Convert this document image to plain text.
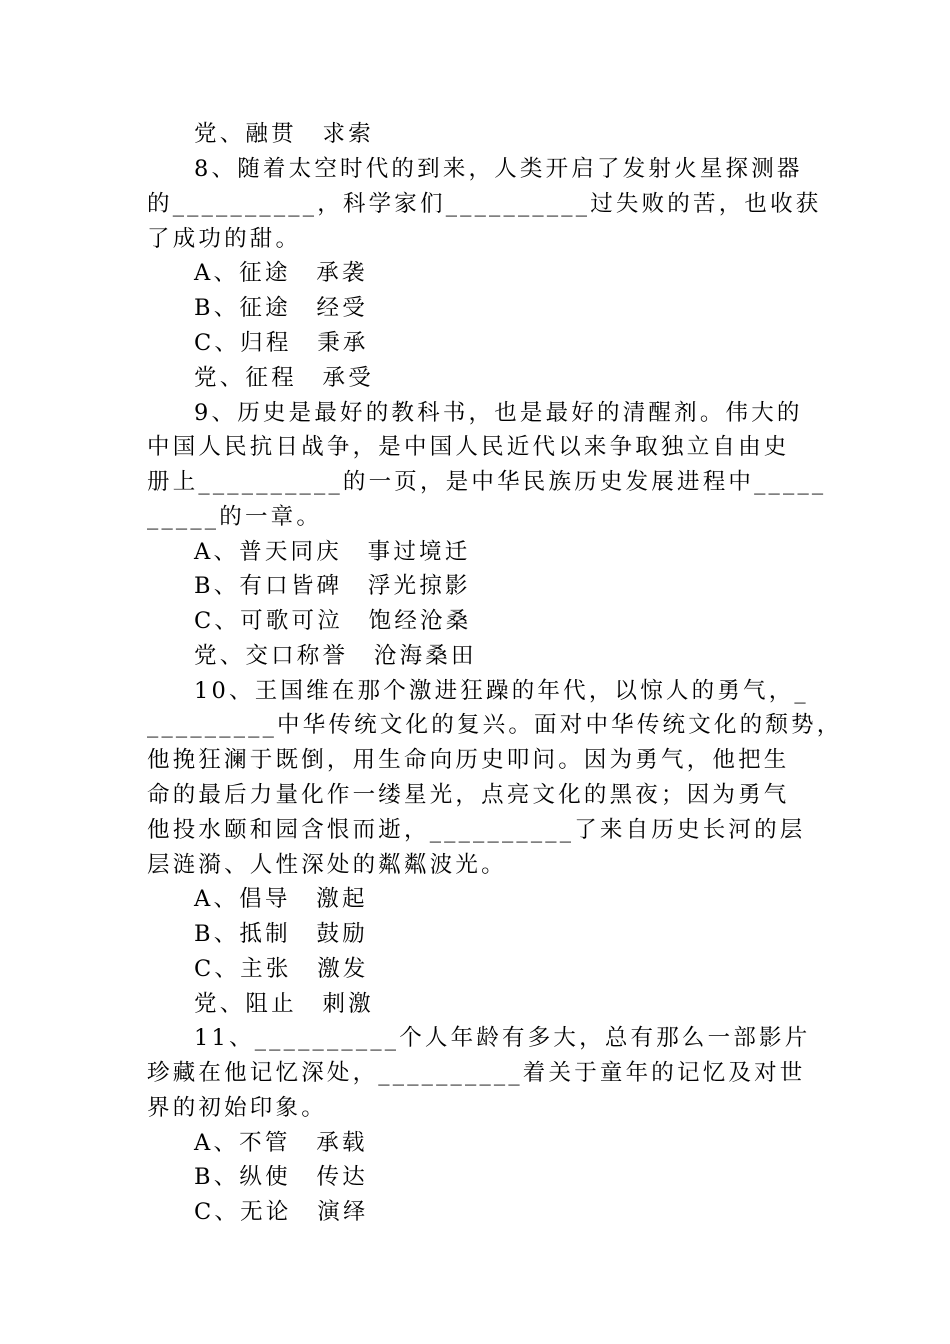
党、融贯　求索
8、随着太空时代的到来，人类开启了发射火星探测器
的__________，科学家们__________过失败的苦，也收获
了成功的甜。
A、征途　承袭
B、征途　经受
C、归程　秉承
党、征程　承受
9、历史是最好的教科书，也是最好的清醒剂。伟大的
中国人民抗日战争，是中国人民近代以来争取独立自由史
册上__________的一页，是中华民族历史发展进程中_____
_____的一章。
A、普天同庆　事过境迁
B、有口皆碑　浮光掠影
C、可歌可泣　饱经沧桑
党、交口称誉　沧海桑田
10、王国维在那个激进狂躁的年代，以惊人的勇气，_
_________中华传统文化的复兴。面对中华传统文化的颓势，
他挽狂澜于既倒，用生命向历史叩问。因为勇气，他把生
命的最后力量化作一缕星光，点亮文化的黑夜；因为勇气
他投水颐和园含恨而逝，__________了来自历史长河的层
层涟漪、人性深处的粼粼波光。
A、倡导　激起
B、抵制　鼓励
C、主张　激发
党、阻止　刺激
11、__________个人年龄有多大，总有那么一部影片
珍藏在他记忆深处，__________着关于童年的记忆及对世
界的初始印象。
A、不管　承载
B、纵使　传达
C、无论　演绎
